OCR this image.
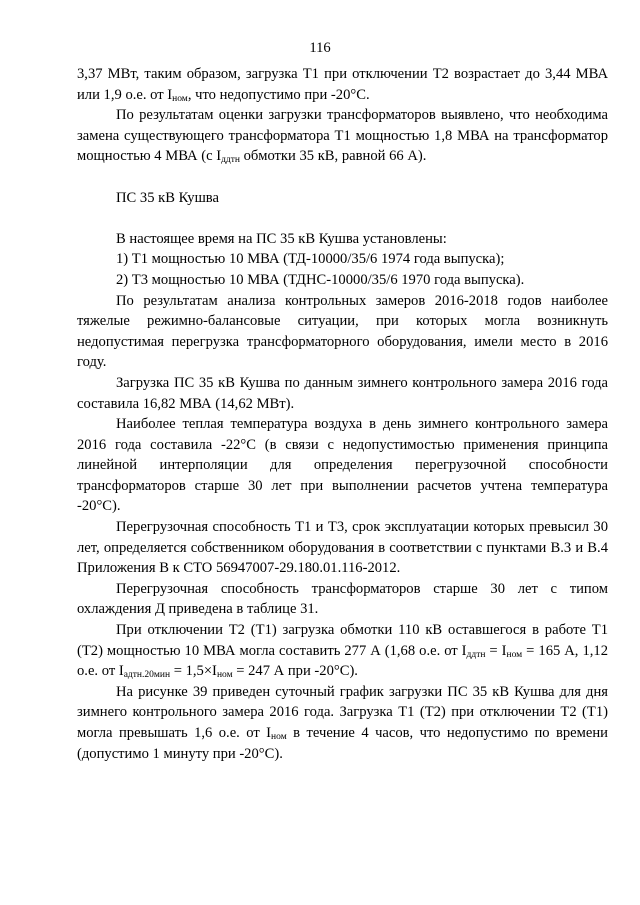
116

3,37 МВт, таким образом, загрузка Т1 при отключении Т2 возрастает до 3,44 МВА или 1,9 о.е. от $I_{ном}$, что недопустимо при -20°С.

По результатам оценки загрузки трансформаторов выявлено, что необходима замена существующего трансформатора Т1 мощностью 1,8 МВА на трансформатор мощностью 4 МВА (с $I_{ддтн}$ обмотки 35 кВ, равной 66 А).

ПС 35 кВ Кушва

В настоящее время на ПС 35 кВ Кушва установлены:

1) Т1 мощностью 10 МВА (ТД-10000/35/6 1974 года выпуска);

2) Т3 мощностью 10 МВА (ТДНС-10000/35/6 1970 года выпуска).

По результатам анализа контрольных замеров 2016-2018 годов наиболее тяжелые режимно-балансовые ситуации, при которых могла возникнуть недопустимая перегрузка трансформаторного оборудования, имели место в 2016 году.

Загрузка ПС 35 кВ Кушва по данным зимнего контрольного замера 2016 года составила 16,82 МВА (14,62 МВт).

Наиболее теплая температура воздуха в день зимнего контрольного замера 2016 года составила -22°С (в связи с недопустимостью применения принципа линейной интерполяции для определения перегрузочной способности трансформаторов старше 30 лет при выполнении расчетов учтена температура -20°С).

Перегрузочная способность Т1 и Т3, срок эксплуатации которых превысил 30 лет, определяется собственником оборудования в соответствии с пунктами В.3 и В.4 Приложения В к СТО 56947007-29.180.01.116-2012.

Перегрузочная способность трансформаторов старше 30 лет с типом охлаждения Д приведена в таблице 31.

При отключении Т2 (Т1) загрузка обмотки 110 кВ оставшегося в работе Т1 (Т2) мощностью 10 МВА могла составить 277 А (1,68 о.е. от $I_{ддтн} = I_{ном} = 165$ А, 1,12 о.е. от $I_{адтн.20мин} = 1,5\times I_{ном} = 247$ А при -20°С).

На рисунке 39 приведен суточный график загрузки ПС 35 кВ Кушва для дня зимнего контрольного замера 2016 года. Загрузка Т1 (Т2) при отключении Т2 (Т1) могла превышать 1,6 о.е. от $I_{ном}$ в течение 4 часов, что недопустимо по времени (допустимо 1 минуту при -20°С).
